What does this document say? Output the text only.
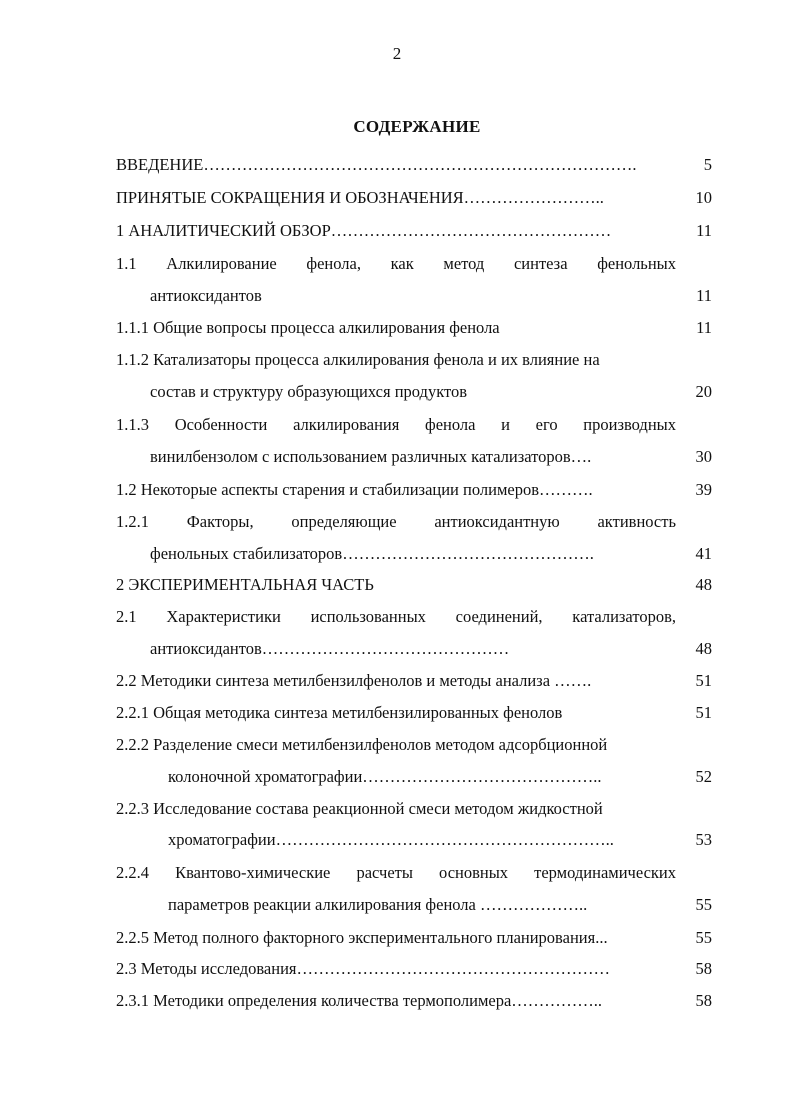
2
СОДЕРЖАНИЕ
ВВЕДЕНИЕ…………………………………………………………………….	5
ПРИНЯТЫЕ СОКРАЩЕНИЯ И ОБОЗНАЧЕНИЯ……………………..	10
1 АНАЛИТИЧЕСКИЙ ОБЗОР……………………………………………	11
1.1 Алкилирование фенола, как метод синтеза фенольных
антиоксидантов	11
1.1.1 Общие вопросы процесса алкилирования фенола	11
1.1.2 Катализаторы процесса алкилирования фенола и их влияние на
состав и структуру образующихся продуктов	20
1.1.3 Особенности алкилирования фенола и его производных
винилбензолом с использованием различных катализаторов….	30
1.2 Некоторые аспекты старения и стабилизации полимеров……….	39
1.2.1 Факторы, определяющие антиоксидантную активность
фенольных стабилизаторов……………………………………….	41
2 ЭКСПЕРИМЕНТАЛЬНАЯ ЧАСТЬ	48
2.1 Характеристики использованных соединений, катализаторов,
антиоксидантов………………………………………	48
2.2 Методики синтеза метилбензилфенолов и методы анализа …….	51
2.2.1 Общая методика синтеза метилбензилированных фенолов	51
2.2.2 Разделение смеси метилбензилфенолов методом адсорбционной
колоночной хроматографии……………………………………..	52
2.2.3 Исследование состава реакционной смеси методом жидкостной
хроматографии……………………………………………………..	53
2.2.4 Квантово-химические расчеты основных термодинамических
параметров реакции алкилирования фенола ………………..	55
2.2.5 Метод полного факторного экспериментального планирования...	55
2.3 Методы исследования…………………………………………………	58
2.3.1 Методики определения количества термополимера……………..	58
